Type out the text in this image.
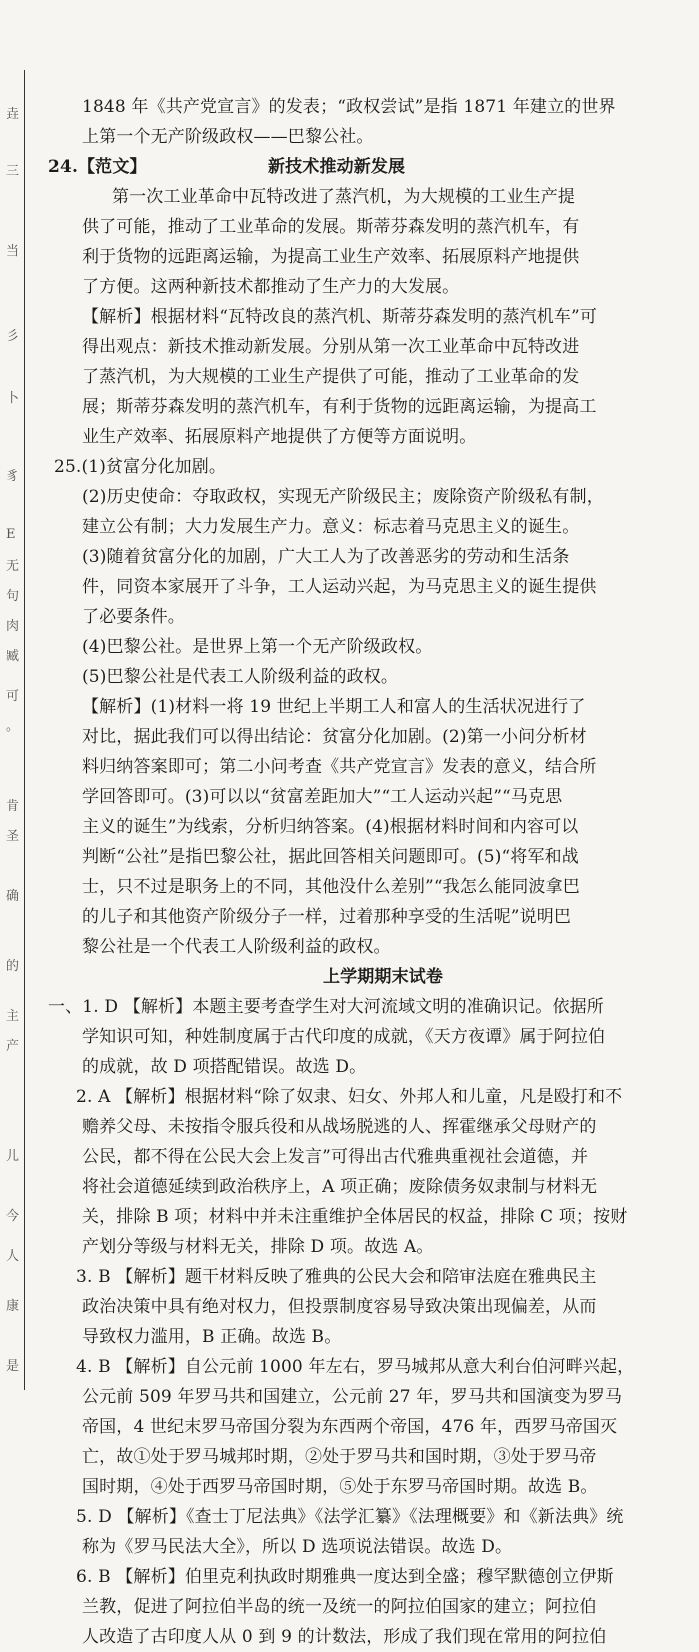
垚
三
当
彡
卜
豸
E
无
句
肉
臧
可
。
肯
圣
确
的
主
产
儿
今
人
康
是
1848 年《共产党宣言》的发表；“政权尝试”是指 1871 年建立的世界
上第一个无产阶级政权——巴黎公社。
24.【范文】	新技术推动新发展
第一次工业革命中瓦特改进了蒸汽机，为大规模的工业生产提
供了可能，推动了工业革命的发展。斯蒂芬森发明的蒸汽机车，有
利于货物的远距离运输，为提高工业生产效率、拓展原料产地提供
了方便。这两种新技术都推动了生产力的大发展。
【解析】根据材料“瓦特改良的蒸汽机、斯蒂芬森发明的蒸汽机车”可
得出观点：新技术推动新发展。分别从第一次工业革命中瓦特改进
了蒸汽机，为大规模的工业生产提供了可能，推动了工业革命的发
展；斯蒂芬森发明的蒸汽机车，有利于货物的远距离运输，为提高工
业生产效率、拓展原料产地提供了方便等方面说明。
25.(1)贫富分化加剧。
(2)历史使命：夺取政权，实现无产阶级民主；废除资产阶级私有制，
建立公有制；大力发展生产力。意义：标志着马克思主义的诞生。
(3)随着贫富分化的加剧，广大工人为了改善恶劣的劳动和生活条
件，同资本家展开了斗争，工人运动兴起，为马克思主义的诞生提供
了必要条件。
(4)巴黎公社。是世界上第一个无产阶级政权。
(5)巴黎公社是代表工人阶级利益的政权。
【解析】(1)材料一将 19 世纪上半期工人和富人的生活状况进行了
对比，据此我们可以得出结论：贫富分化加剧。(2)第一小问分析材
料归纳答案即可；第二小问考查《共产党宣言》发表的意义，结合所
学回答即可。(3)可以以“贫富差距加大”“工人运动兴起”“马克思
主义的诞生”为线索，分析归纳答案。(4)根据材料时间和内容可以
判断“公社”是指巴黎公社，据此回答相关问题即可。(5)“将军和战
士，只不过是职务上的不同，其他没什么差别”“我怎么能同波拿巴
的儿子和其他资产阶级分子一样，过着那种享受的生活呢”说明巴
黎公社是一个代表工人阶级利益的政权。
上学期期末试卷
一、1. D 【解析】本题主要考查学生对大河流域文明的准确识记。依据所
学知识可知，种姓制度属于古代印度的成就，《天方夜谭》属于阿拉伯
的成就，故 D 项搭配错误。故选 D。
2. A 【解析】根据材料“除了奴隶、妇女、外邦人和儿童，凡是殴打和不
赡养父母、未按指令服兵役和从战场脱逃的人、挥霍继承父母财产的
公民，都不得在公民大会上发言”可得出古代雅典重视社会道德，并
将社会道德延续到政治秩序上，A 项正确；废除债务奴隶制与材料无
关，排除 B 项；材料中并未注重维护全体居民的权益，排除 C 项；按财
产划分等级与材料无关，排除 D 项。故选 A。
3. B 【解析】题干材料反映了雅典的公民大会和陪审法庭在雅典民主
政治决策中具有绝对权力，但投票制度容易导致决策出现偏差，从而
导致权力滥用，B 正确。故选 B。
4. B 【解析】自公元前 1000 年左右，罗马城邦从意大利台伯河畔兴起，
公元前 509 年罗马共和国建立，公元前 27 年，罗马共和国演变为罗马
帝国，4 世纪末罗马帝国分裂为东西两个帝国，476 年，西罗马帝国灭
亡，故①处于罗马城邦时期，②处于罗马共和国时期，③处于罗马帝
国时期，④处于西罗马帝国时期，⑤处于东罗马帝国时期。故选 B。
5. D 【解析】《查士丁尼法典》《法学汇纂》《法理概要》和《新法典》统
称为《罗马民法大全》，所以 D 选项说法错误。故选 D。
6. B 【解析】伯里克利执政时期雅典一度达到全盛；穆罕默德创立伊斯
兰教，促进了阿拉伯半岛的统一及统一的阿拉伯国家的建立；阿拉伯
人改造了古印度人从 0 到 9 的计数法，形成了我们现在常用的阿拉伯
